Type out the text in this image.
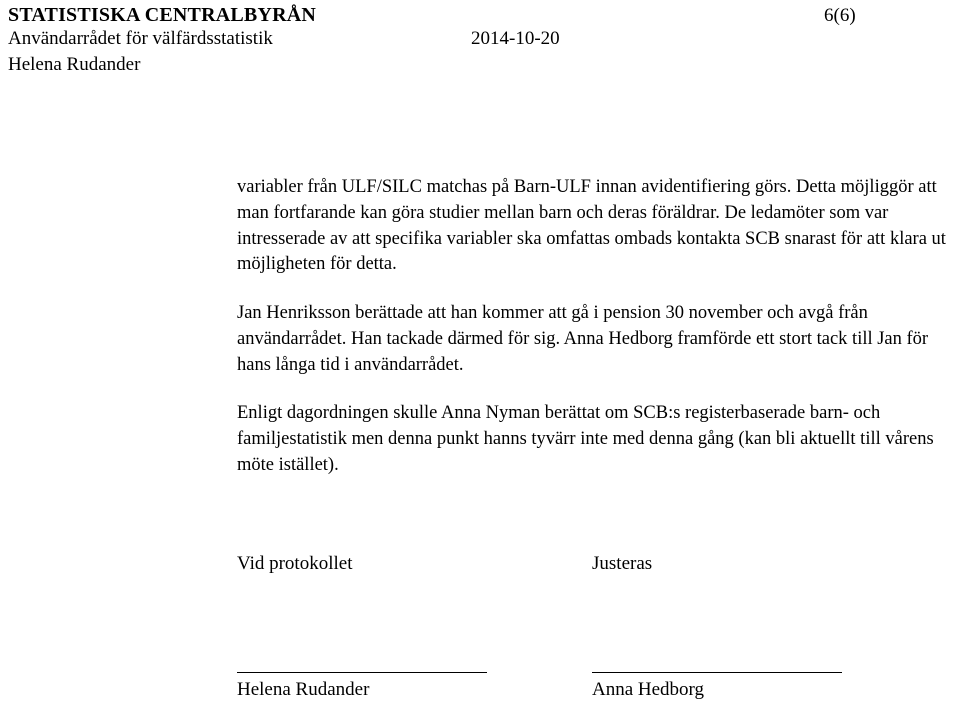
STATISTISKA CENTRALBYRÅN	6(6)
Användarrådet för välfärdsstatistik	2014-10-20
Helena Rudander

variabler från ULF/SILC matchas på Barn-ULF innan avidentifiering görs. Detta möjliggör att man fortfarande kan göra studier mellan barn och deras föräldrar. De ledamöter som var intresserade av att specifika variabler ska omfattas ombads kontakta SCB snarast för att klara ut möjligheten för detta.

Jan Henriksson berättade att han kommer att gå i pension 30 november och avgå från användarrådet. Han tackade därmed för sig. Anna Hedborg framförde ett stort tack till Jan för hans långa tid i användarrådet.

Enligt dagordningen skulle Anna Nyman berättat om SCB:s registerbaserade barn- och familjestatistik men denna punkt hanns tyvärr inte med denna gång (kan bli aktuellt till vårens möte istället).

Vid protokollet	Justeras
Helena Rudander	Anna Hedborg
